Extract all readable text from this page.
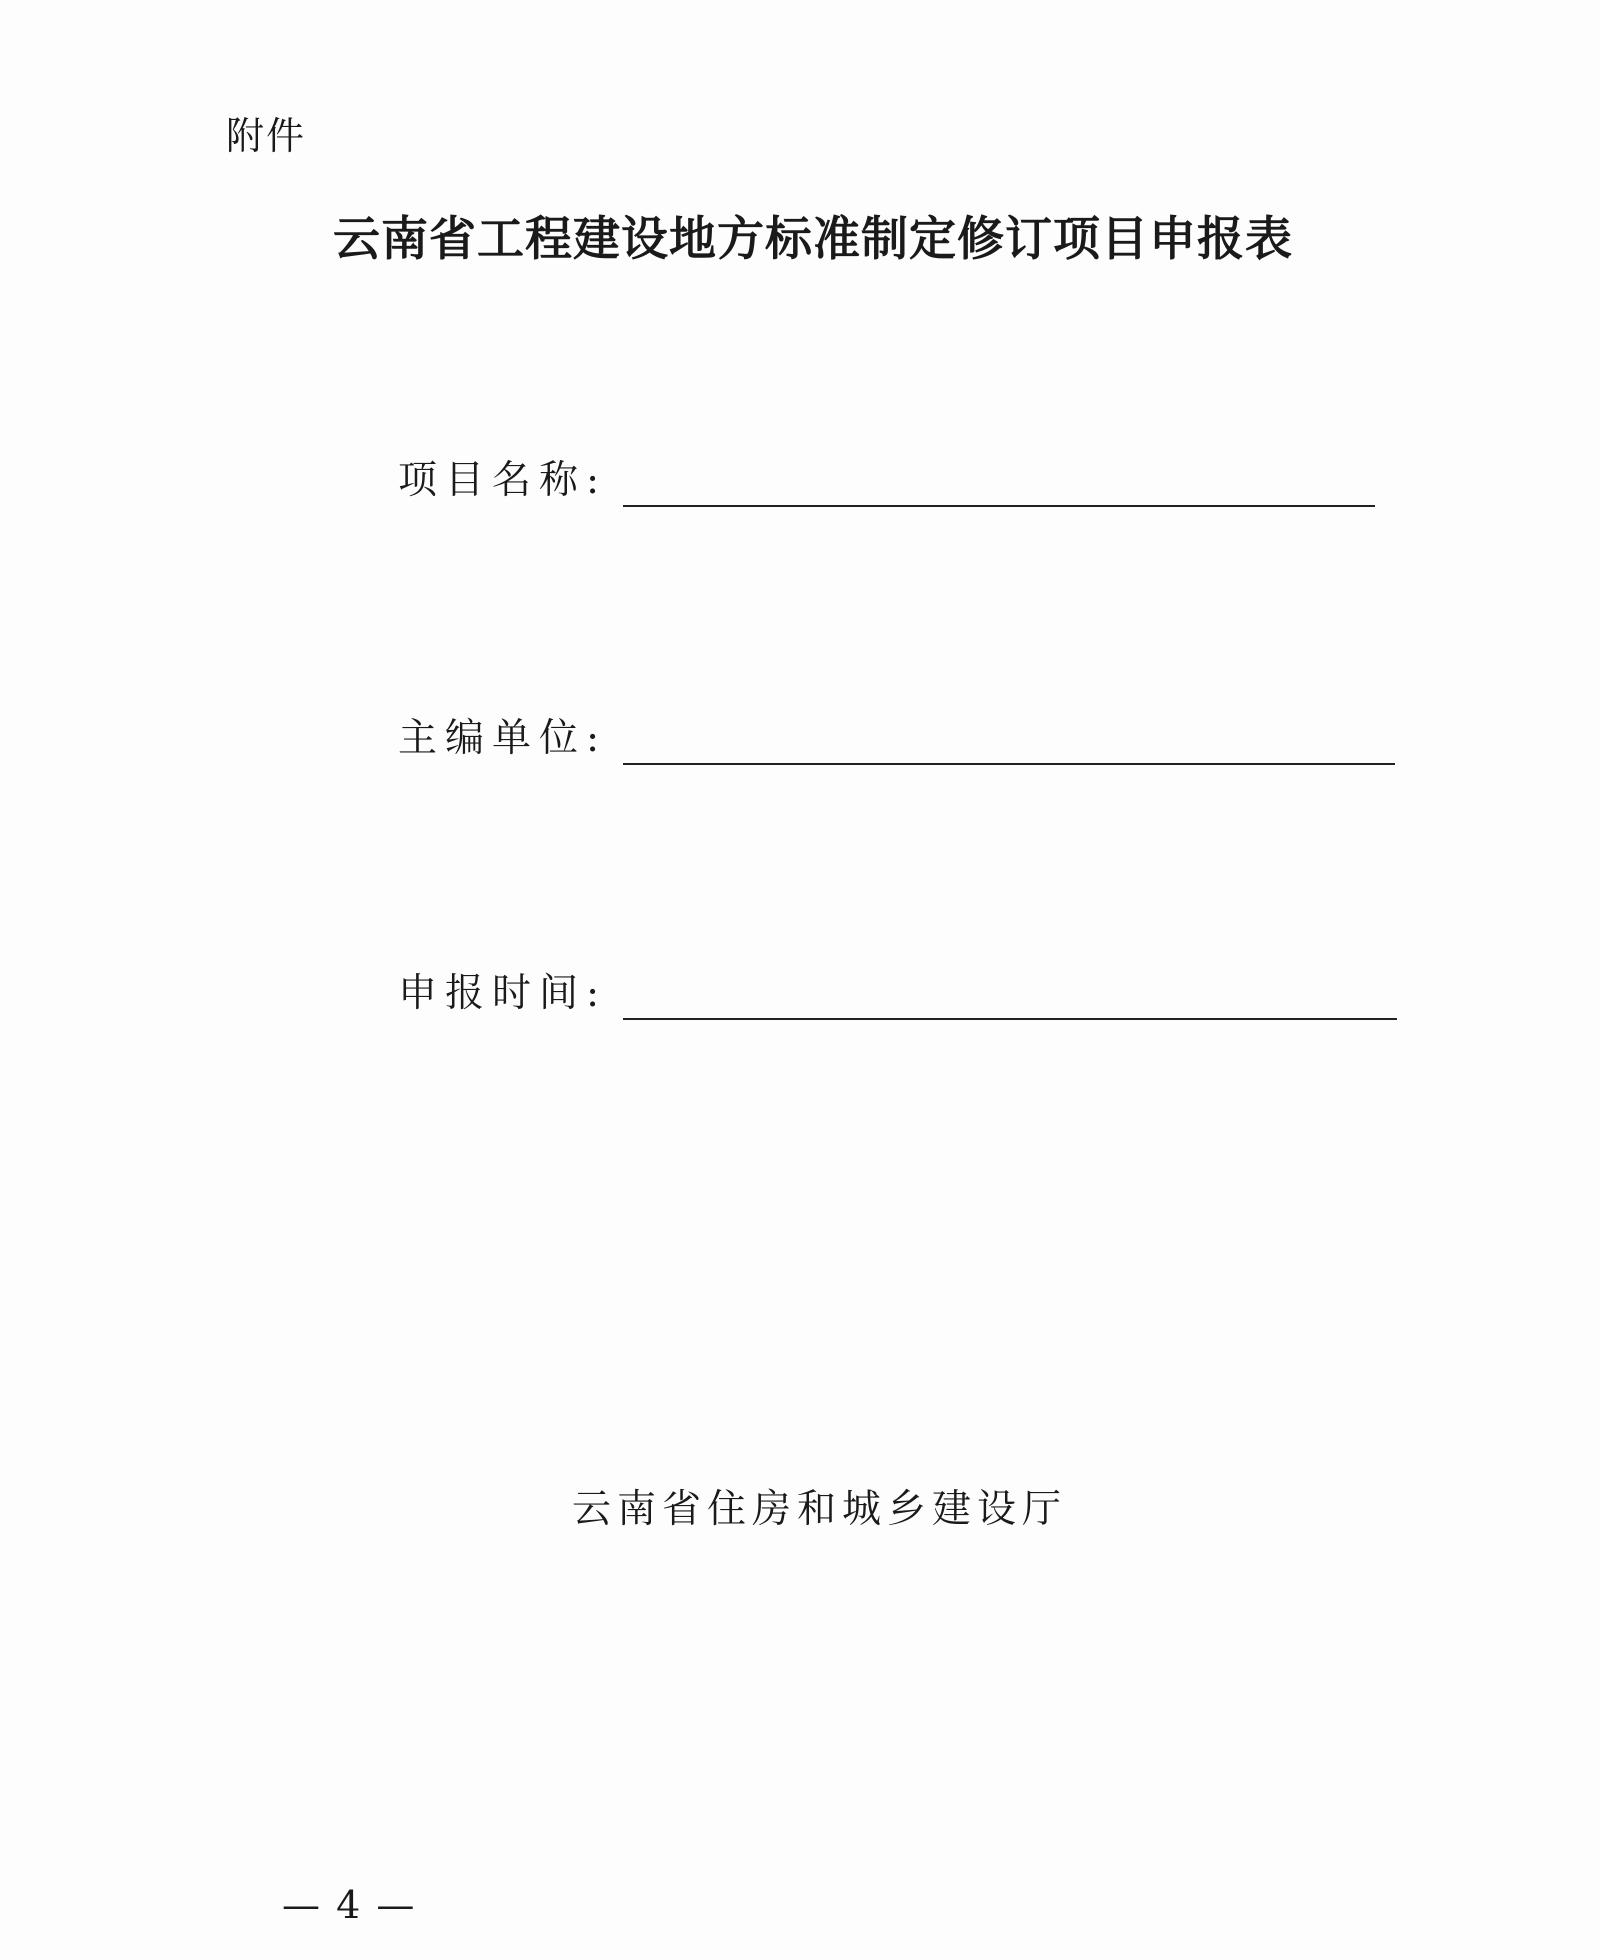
附件
云南省工程建设地方标准制定修订项目申报表
项目名称:
主编单位:
申报时间:
云南省住房和城乡建设厅
— 4 —
